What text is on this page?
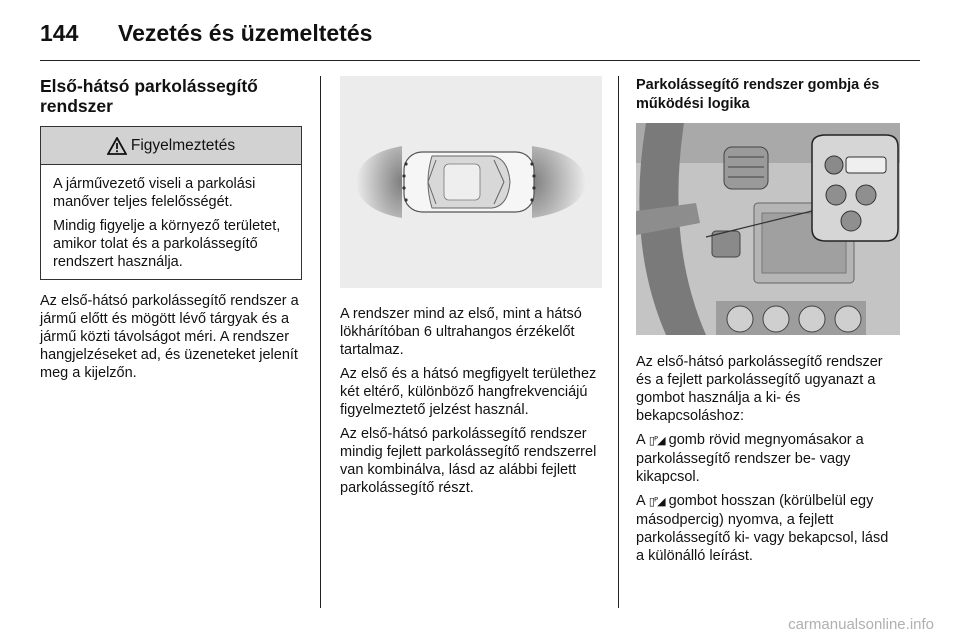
144 Vezetés és üzemeltetés
Első-hátsó parkolássegítő rendszer
Figyelmeztetés

A járművezető viseli a parkolási manőver teljes felelősségét.

Mindig figyelje a környező területet, amikor tolat és a parkolássegítő rendszert használja.

Az első-hátsó parkolássegítő rendszer a jármű előtt és mögött lévő tárgyak és a jármű közti távolságot méri. A rendszer hangjelzéseket ad, és üzeneteket jelenít meg a kijelzőn.

A rendszer mind az első, mint a hátsó lökhárítóban 6 ultrahangos érzékelőt tartalmaz.

Az első és a hátsó megfigyelt területhez két eltérő, különböző hangfrekvenciájú figyelmeztető jelzést használ.

Az első-hátsó parkolássegítő rendszer mindig fejlett parkolássegítő rendszerrel van kombinálva, lásd az alábbi fejlett parkolássegítő részt.

Parkolássegítő rendszer gombja és működési logika

Az első-hátsó parkolássegítő rendszer és a fejlett parkolássegítő ugyanazt a gombot használja a ki- és bekapcsoláshoz:

A ▯ᴾ◢ gomb rövid megnyomásakor a parkolássegítő rendszer be- vagy kikapcsol.

A ▯ᴾ◢ gombot hosszan (körülbelül egy másodpercig) nyomva, a fejlett parkolássegítő ki- vagy bekapcsol, lásd a különálló leírást.

carmanualsonline.info
